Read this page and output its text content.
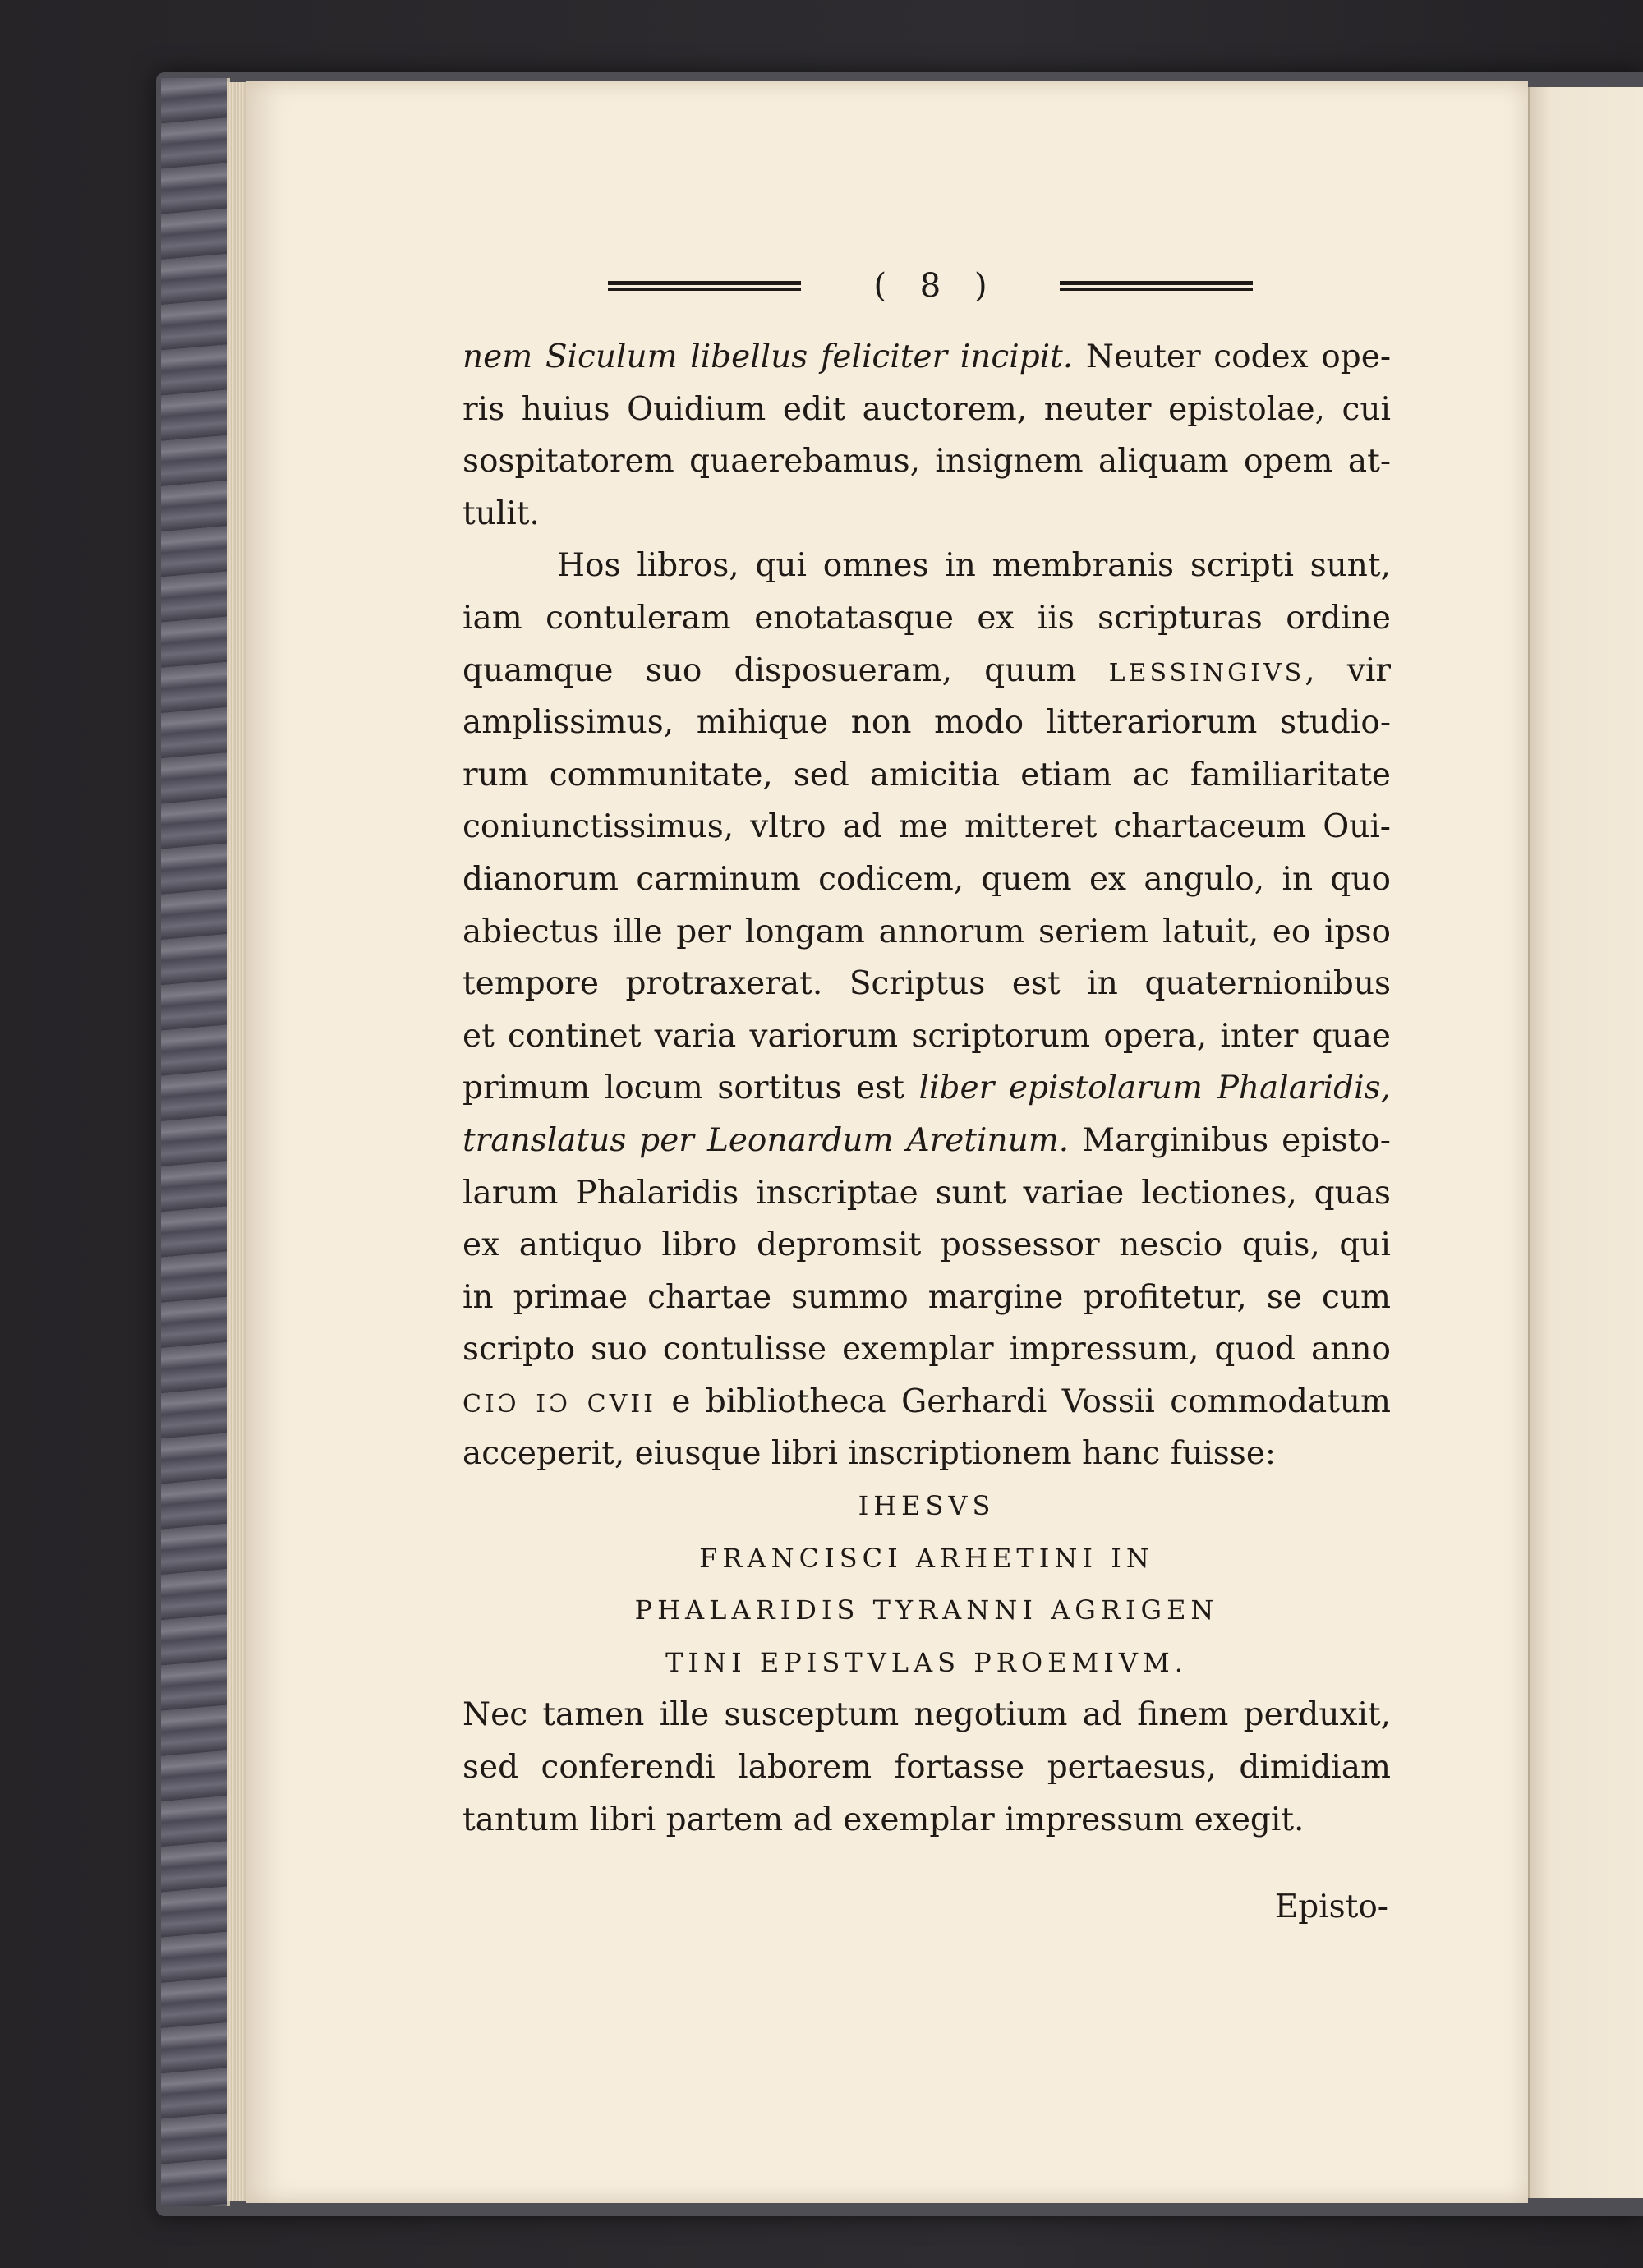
( 8 )
nem Siculum libellus feliciter incipit. Neuter codex ope-
ris huius Ouidium edit auctorem, neuter epistolae, cui
sospitatorem quaerebamus, insignem aliquam opem at-
tulit.
Hos libros, qui omnes in membranis scripti sunt,
iam contuleram enotatasque ex iis scripturas ordine
quamque suo disposueram, quum LESSINGIVS, vir
amplissimus, mihique non modo litterariorum studio-
rum communitate, sed amicitia etiam ac familiaritate
coniunctissimus, vltro ad me mitteret chartaceum Oui-
dianorum carminum codicem, quem ex angulo, in quo
abiectus ille per longam annorum seriem latuit, eo ipso
tempore protraxerat. Scriptus est in quaternionibus
et continet varia variorum scriptorum opera, inter quae
primum locum sortitus est liber epistolarum Phalaridis,
translatus per Leonardum Aretinum. Marginibus episto-
larum Phalaridis inscriptae sunt variae lectiones, quas
ex antiquo libro depromsit possessor nescio quis, qui
in primae chartae summo margine profitetur, se cum
scripto suo contulisse exemplar impressum, quod anno
CIƆ IƆ CVII e bibliotheca Gerhardi Vossii commodatum
acceperit, eiusque libri inscriptionem hanc fuisse:
IHESVS
FRANCISCI ARHETINI IN
PHALARIDIS TYRANNI AGRIGEN
TINI EPISTVLAS PROEMIVM.
Nec tamen ille susceptum negotium ad finem perduxit,
sed conferendi laborem fortasse pertaesus, dimidiam
tantum libri partem ad exemplar impressum exegit.
Episto-
